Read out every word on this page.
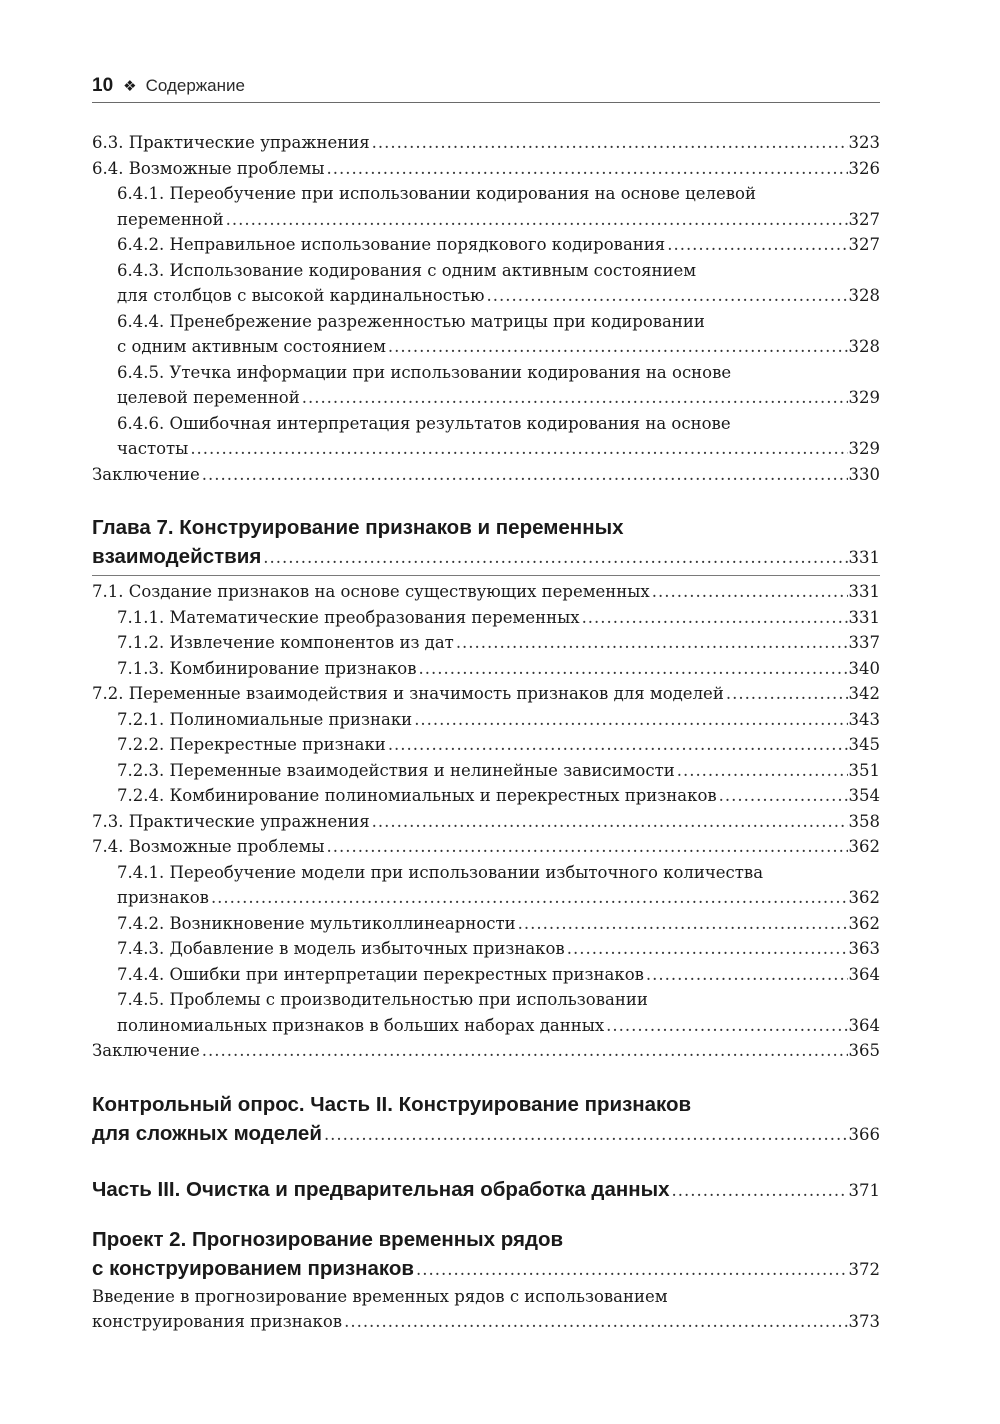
10 ❖ Содержание
6.3. Практические упражнения .....	323
6.4. Возможные проблемы .....	326
6.4.1. Переобучение при использовании кодирования на основе целевой
переменной .....	327
6.4.2. Неправильное использование порядкового кодирования .....	327
6.4.3. Использование кодирования с одним активным состоянием
для столбцов с высокой кардинальностью .....	328
6.4.4. Пренебрежение разреженностью матрицы при кодировании
с одним активным состоянием .....	328
6.4.5. Утечка информации при использовании кодирования на основе
целевой переменной .....	329
6.4.6. Ошибочная интерпретация результатов кодирования на основе
частоты .....	329
Заключение .....	330
Глава 7. Конструирование признаков и переменных
взаимодействия .....	331
7.1. Создание признаков на основе существующих переменных .....	331
7.1.1. Математические преобразования переменных .....	331
7.1.2. Извлечение компонентов из дат .....	337
7.1.3. Комбинирование признаков .....	340
7.2. Переменные взаимодействия и значимость признаков для моделей .....	342
7.2.1. Полиномиальные признаки .....	343
7.2.2. Перекрестные признаки .....	345
7.2.3. Переменные взаимодействия и нелинейные зависимости .....	351
7.2.4. Комбинирование полиномиальных и перекрестных признаков .....	354
7.3. Практические упражнения .....	358
7.4. Возможные проблемы .....	362
7.4.1. Переобучение модели при использовании избыточного количества
признаков .....	362
7.4.2. Возникновение мультиколлинеарности .....	362
7.4.3. Добавление в модель избыточных признаков .....	363
7.4.4. Ошибки при интерпретации перекрестных признаков .....	364
7.4.5. Проблемы с производительностью при использовании
полиномиальных признаков в больших наборах данных .....	364
Заключение .....	365
Контрольный опрос. Часть II. Конструирование признаков
для сложных моделей .....	366
Часть III. Очистка и предварительная обработка данных .....	371
Проект 2. Прогнозирование временных рядов
с конструированием признаков .....	372
Введение в прогнозирование временных рядов с использованием
конструирования признаков .....	373
